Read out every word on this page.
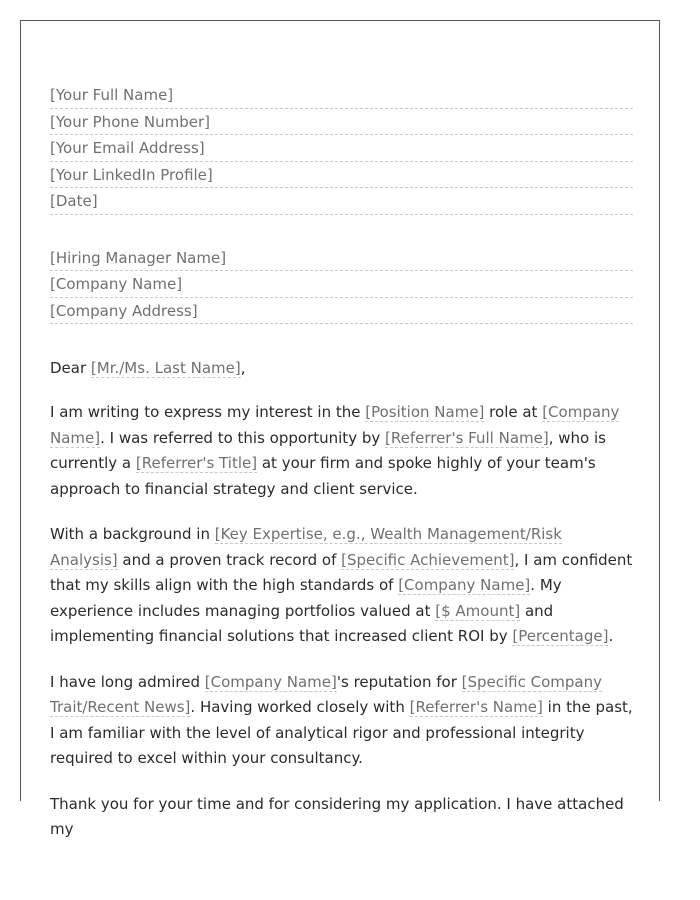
[Your Full Name]
[Your Phone Number]
[Your Email Address]
[Your LinkedIn Profile]
[Date]
[Hiring Manager Name]
[Company Name]
[Company Address]

Dear [Mr./Ms. Last Name],

I am writing to express my interest in the [Position Name] role at [Company Name]. I was referred to this opportunity by [Referrer's Full Name], who is currently a [Referrer's Title] at your firm and spoke highly of your team's approach to financial strategy and client service.

With a background in [Key Expertise, e.g., Wealth Management/Risk Analysis] and a proven track record of [Specific Achievement], I am confident that my skills align with the high standards of [Company Name]. My experience includes managing portfolios valued at [$ Amount] and implementing financial solutions that increased client ROI by [Percentage].

I have long admired [Company Name]'s reputation for [Specific Company Trait/Recent News]. Having worked closely with [Referrer's Name] in the past, I am familiar with the level of analytical rigor and professional integrity required to excel within your consultancy.

Thank you for your time and for considering my application. I have attached my
